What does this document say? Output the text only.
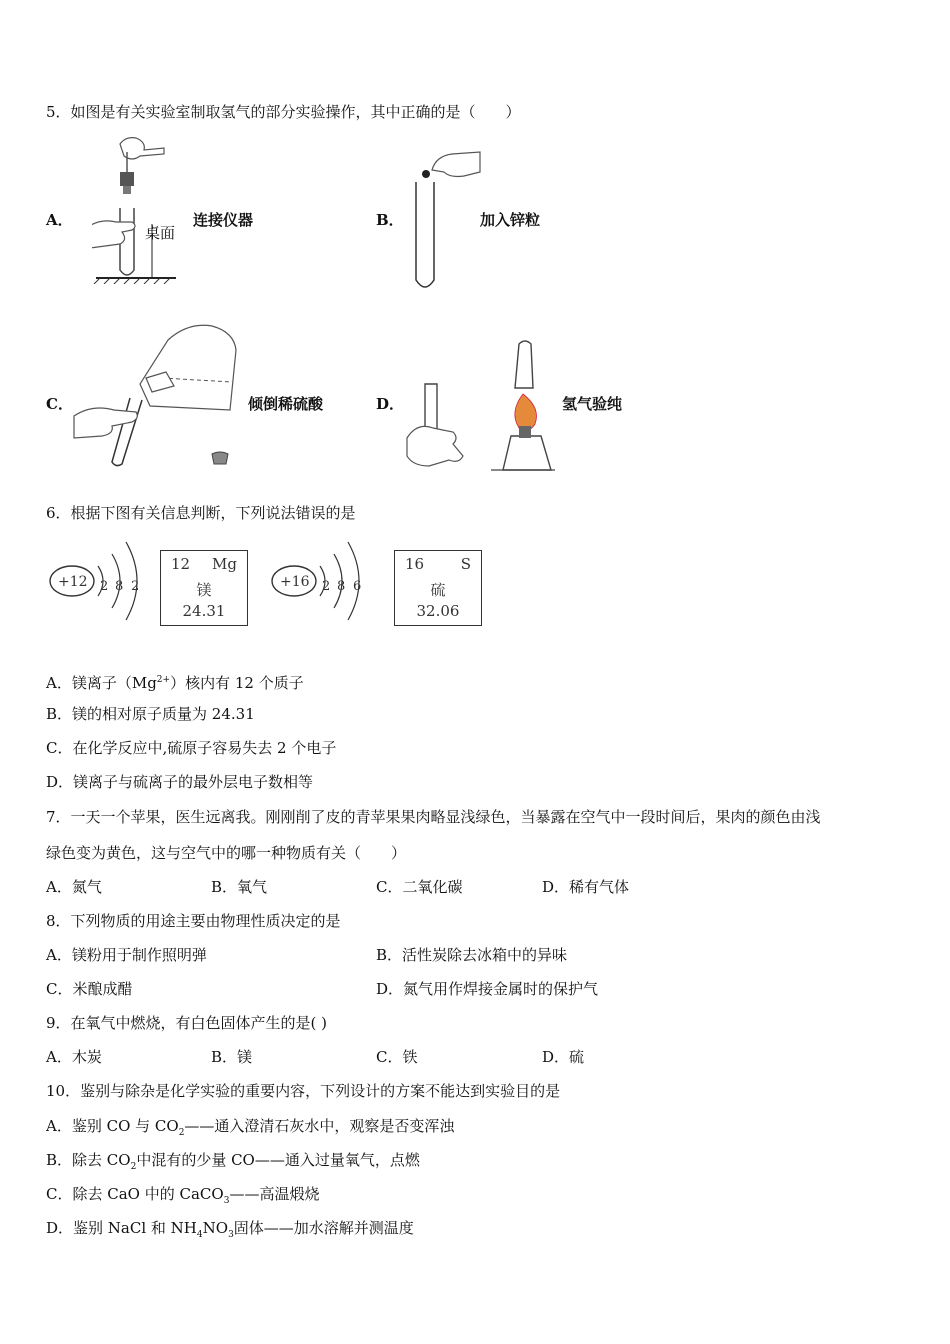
5．如图是有关实验室制取氢气的部分实验操作，其中正确的是（　　）
A．
桌面
连接仪器	B．	加入锌粒
C．	倾倒稀硫酸	D．	氢气验纯
6．根据下图有关信息判断，下列说法错误的是
+12 2 8 2
12 Mg
镁
24.31
+16 2 8 6
16 S
硫
32.06
A．镁离子$(Mg^{2+})$核内有 12 个质子
B．镁的相对原子质量为 24.31
C．在化学反应中,硫原子容易失去 2 个电子
D．镁离子与硫离子的最外层电子数相等
7．一天一个苹果，医生远离我。刚刚削了皮的青苹果果肉略显浅绿色，当暴露在空气中一段时间后，果肉的颜色由浅
绿色变为黄色，这与空气中的哪一种物质有关（　　）
A．氮气	B．氧气	C．二氧化碳	D．稀有气体
8．下列物质的用途主要由物理性质决定的是
A．镁粉用于制作照明弹	B．活性炭除去冰箱中的异味
C．米酿成醋	D．氮气用作焊接金属时的保护气
9．在氧气中燃烧，有白色固体产生的是( )
A．木炭	B．镁	C．铁	D．硫
10．鉴别与除杂是化学实验的重要内容，下列设计的方案不能达到实验目的是
A．鉴别 CO 与 $CO_2——$通入澄清石灰水中，观察是否变浑浊
B．除去 $CO_2$中混有的少量 CO——通入过量氧气，点燃
C．除去 CaO 中的 CaCO$_3$——高温煅烧
D．鉴别 NaCl 和 $NH_4NO_3$固体——加水溶解并测温度
